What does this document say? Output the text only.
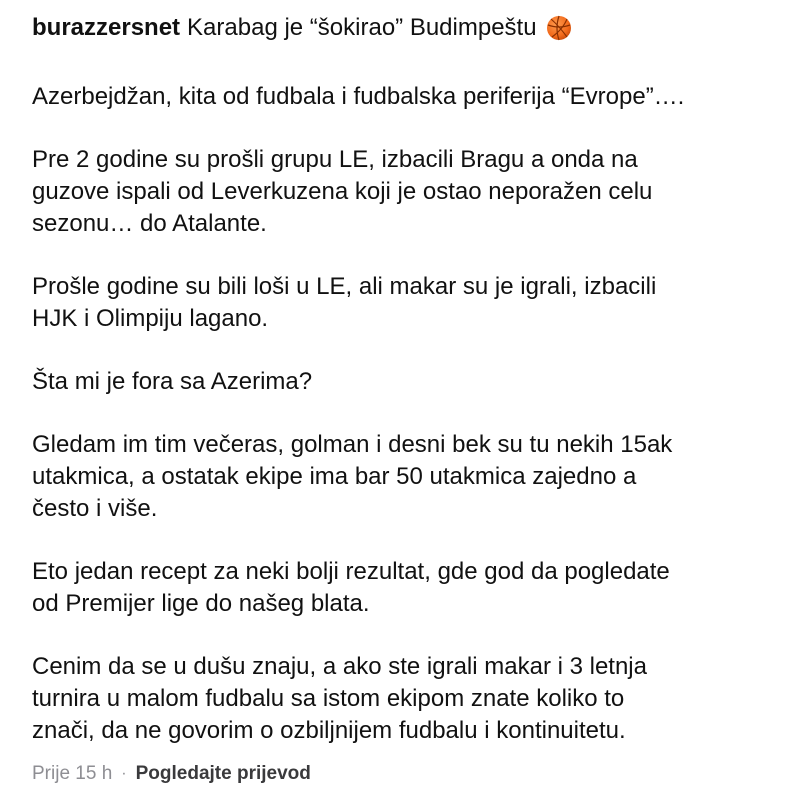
burazzersnet Karabag je “šokirao” Budimpeštu

Azerbejdžan, kita od fudbala i fudbalska periferija “Evrope”….

Pre 2 godine su prošli grupu LE, izbacili Bragu a onda na
guzove ispali od Leverkuzena koji je ostao neporažen celu
sezonu… do Atalante.

Prošle godine su bili loši u LE, ali makar su je igrali, izbacili
HJK i Olimpiju lagano.

Šta mi je fora sa Azerima?

Gledam im tim večeras, golman i desni bek su tu nekih 15ak
utakmica, a ostatak ekipe ima bar 50 utakmica zajedno a
često i više.

Eto jedan recept za neki bolji rezultat, gde god da pogledate
od Premijer lige do našeg blata.

Cenim da se u dušu znaju, a ako ste igrali makar i 3 letnja
turnira u malom fudbalu sa istom ekipom znate koliko to
znači, da ne govorim o ozbiljnijem fudbalu i kontinuitetu.

Prije 15 h · Pogledajte prijevod
